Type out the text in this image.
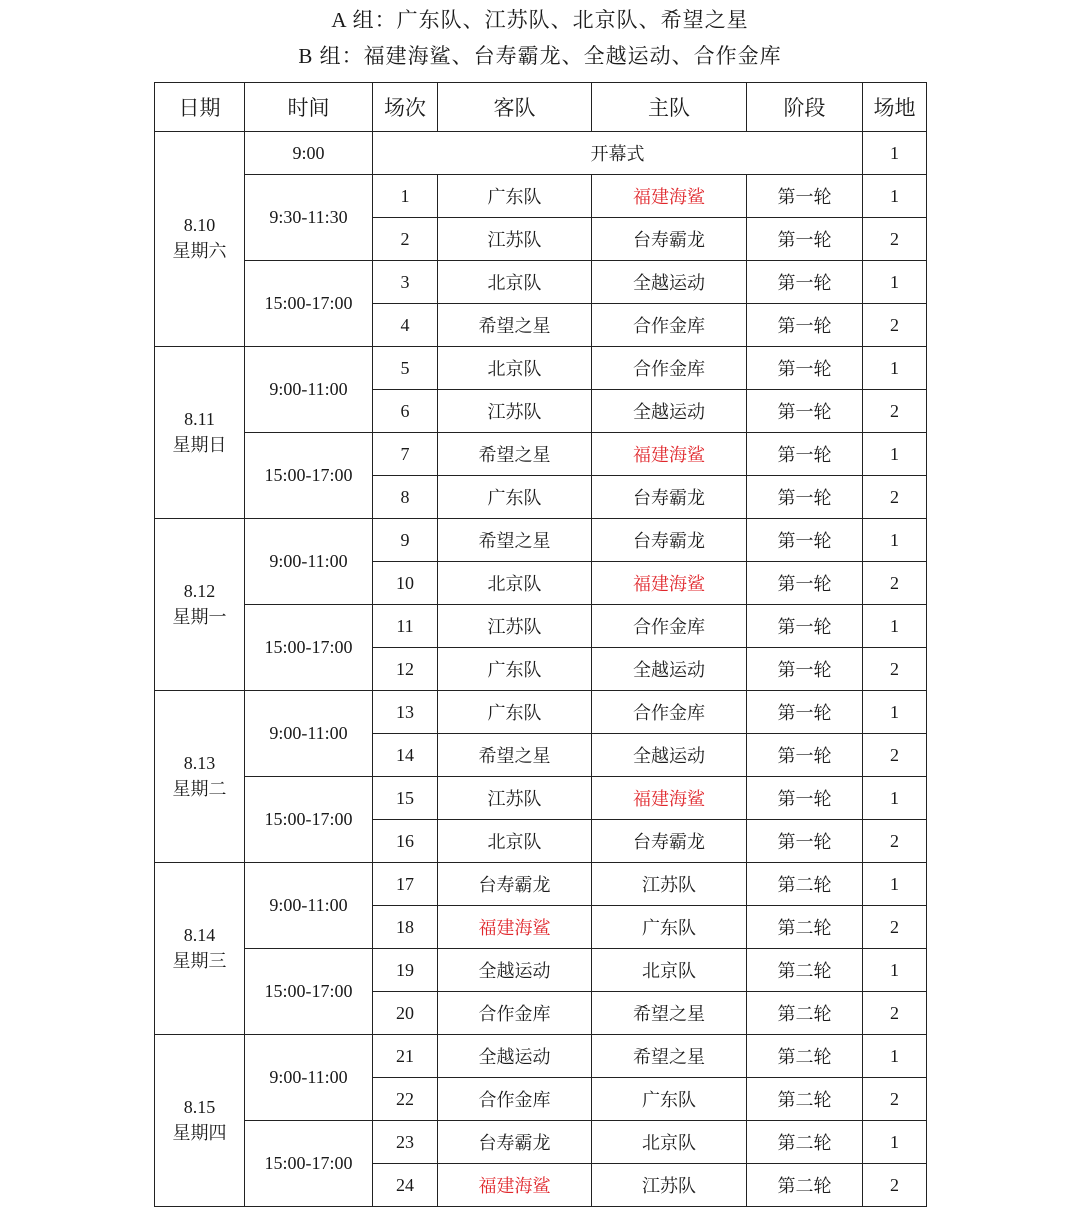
A 组：广东队、江苏队、北京队、希望之星
B 组：福建海鲨、台寿霸龙、全越运动、合作金库
日期	时间	场次	客队	主队	阶段	场地

8.10
星期六	9:00	开幕式				1
	9:30-11:30	1	广东队	福建海鲨	第一轮	1
		2	江苏队	台寿霸龙	第一轮	2
	15:00-17:00	3	北京队	全越运动	第一轮	1
		4	希望之星	合作金库	第一轮	2

8.11
星期日	9:00-11:00	5	北京队	合作金库	第一轮	1
		6	江苏队	全越运动	第一轮	2
	15:00-17:00	7	希望之星	福建海鲨	第一轮	1
		8	广东队	台寿霸龙	第一轮	2

8.12
星期一	9:00-11:00	9	希望之星	台寿霸龙	第一轮	1
		10	北京队	福建海鲨	第一轮	2
	15:00-17:00	11	江苏队	合作金库	第一轮	1
		12	广东队	全越运动	第一轮	2

8.13
星期二	9:00-11:00	13	广东队	合作金库	第一轮	1
		14	希望之星	全越运动	第一轮	2
	15:00-17:00	15	江苏队	福建海鲨	第一轮	1
		16	北京队	台寿霸龙	第一轮	2

8.14
星期三	9:00-11:00	17	台寿霸龙	江苏队	第二轮	1
		18	福建海鲨	广东队	第二轮	2
	15:00-17:00	19	全越运动	北京队	第二轮	1
		20	合作金库	希望之星	第二轮	2

8.15
星期四	9:00-11:00	21	全越运动	希望之星	第二轮	1
		22	合作金库	广东队	第二轮	2
	15:00-17:00	23	台寿霸龙	北京队	第二轮	1
		24	福建海鲨	江苏队	第二轮	2
